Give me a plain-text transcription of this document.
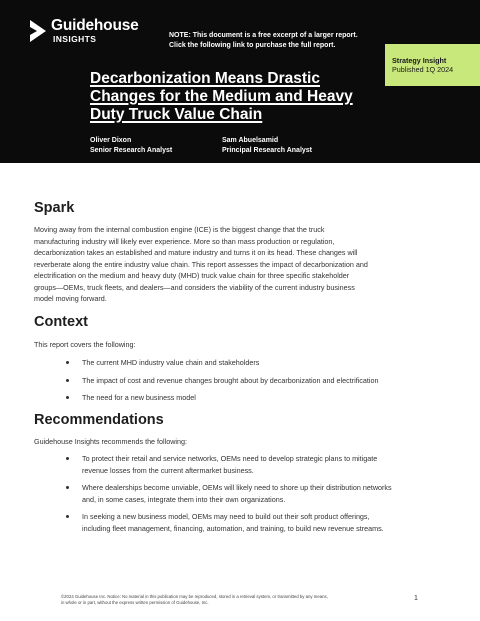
Guidehouse
INSIGHTS	NOTE: This document is a free excerpt of a larger report.
Click the following link to purchase the full report.
Strategy Insight
Published 1Q 2024
Decarbonization Means Drastic
Changes for the Medium and Heavy
Duty Truck Value Chain
Oliver Dixon
Senior Research Analyst
Sam Abuelsamid
Principal Research Analyst
Spark
Moving away from the internal combustion engine (ICE) is the biggest change that the truck
manufacturing industry will likely ever experience. More so than mass production or regulation,
decarbonization takes an established and mature industry and turns it on its head. These changes will
reverberate along the entire industry value chain. This report assesses the impact of decarbonization and
electrification on the medium and heavy duty (MHD) truck value chain for three specific stakeholder
groups—OEMs, truck fleets, and dealers—and considers the viability of the current industry business
model moving forward.
Context
This report covers the following:
The current MHD industry value chain and stakeholders
The impact of cost and revenue changes brought about by decarbonization and electrification
The need for a new business model
Recommendations
Guidehouse Insights recommends the following:
To protect their retail and service networks, OEMs need to develop strategic plans to mitigate
revenue losses from the current aftermarket business.
Where dealerships become unviable, OEMs will likely need to shore up their distribution networks
and, in some cases, integrate them into their own organizations.
In seeking a new business model, OEMs may need to build out their soft product offerings,
including fleet management, financing, automation, and training, to build new revenue streams.
©2024 Guidehouse Inc. Notice: No material in this publication may be reproduced, stored in a retrieval system, or transmitted by any means,
in whole or in part, without the express written permission of Guidehouse, Inc.
1
